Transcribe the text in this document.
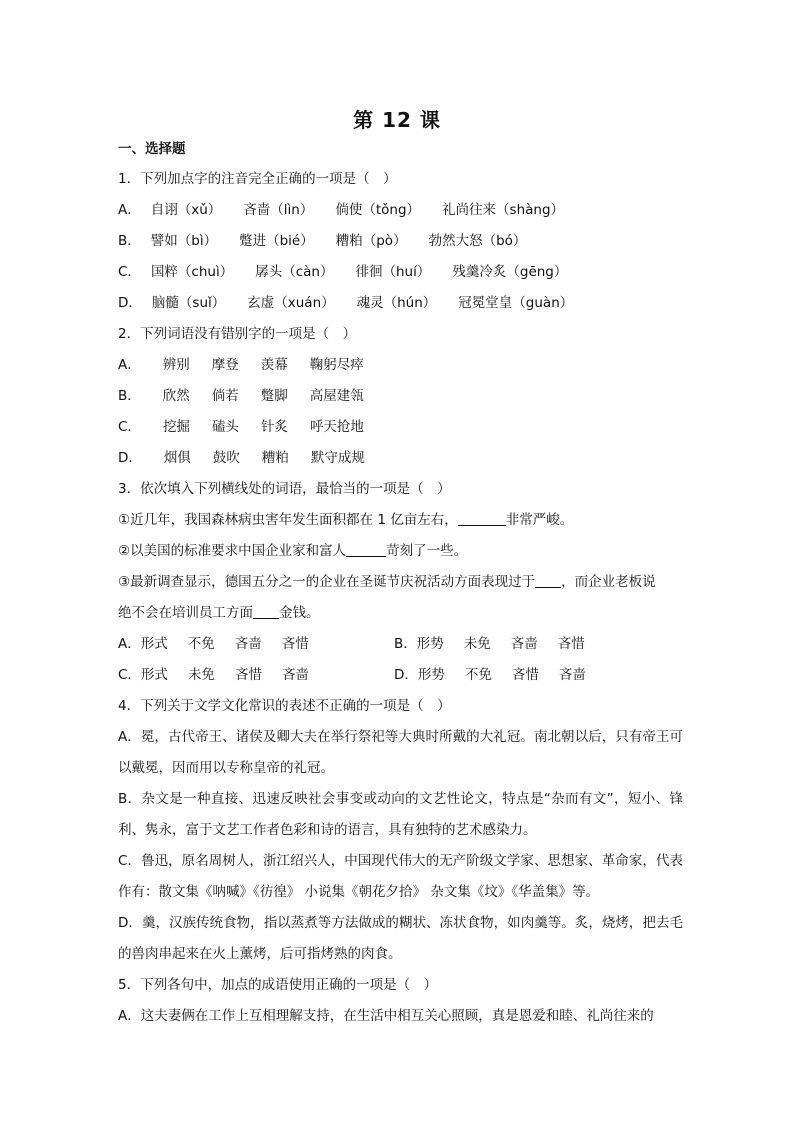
第 12 课
一、选择题
1．下列加点字的注音完全正确的一项是（　）
A． 自诩（xǔ） 吝啬（lìn） 倘使（tǒng） 礼尚往来（shàng）
B． 譬如（bì） 蹩进（bié） 糟粕（pò） 勃然大怒（bó）
C． 国粹（chuì） 孱头（càn） 徘徊（huí） 残羹冷炙（gēng）
D． 脑髓（suǐ） 玄虚（xuán） 魂灵（hún） 冠冕堂皇（guàn）
2．下列词语没有错别字的一项是（　）
A． 辨别 摩登 羡幕 鞠躬尽瘁
B． 欣然 倘若 蹩脚 高屋建瓴
C． 挖掘 磕头 针炙 呼天抢地
D． 烟俱 鼓吹 糟粕 默守成规
3．依次填入下列横线处的词语，最恰当的一项是（　）
①近几年，我国森林病虫害年发生面积都在 1 亿亩左右，	非常严峻。
②以美国的标准要求中国企业家和富人	苛刻了一些。
③最新调查显示，德国五分之一的企业在圣诞节庆祝活动方面表现过于 ，而企业老板说
绝不会在培训员工方面 金钱。
A．形式 不免 吝啬 吝惜	B．形势 未免 吝啬 吝惜
C．形式 未免 吝惜 吝啬	D．形势 不免 吝惜 吝啬
4．下列关于文学文化常识的表述不正确的一项是（　）
A．冕，古代帝王、诸侯及卿大夫在举行祭祀等大典时所戴的大礼冠。南北朝以后，只有帝王可以戴冕，因而用以专称皇帝的礼冠。
B．杂文是一种直接、迅速反映社会事变或动向的文艺性论文，特点是“杂而有文”，短小、锋利、隽永，富于文艺工作者色彩和诗的语言，具有独特的艺术感染力。
C．鲁迅，原名周树人，浙江绍兴人，中国现代伟大的无产阶级文学家、思想家、革命家，代表作有：散文集《呐喊》《彷徨》 小说集《朝花夕拾》 杂文集《坟》《华盖集》等。
D．羹，汉族传统食物，指以蒸煮等方法做成的糊状、冻状食物，如肉羹等。炙，烧烤，把去毛的兽肉串起来在火上薰烤，后可指烤熟的肉食。
5．下列各句中，加点的成语使用正确的一项是（　）
A．这夫妻俩在工作上互相理解支持，在生活中相互关心照顾，真是恩爱和睦、礼尚往来的
